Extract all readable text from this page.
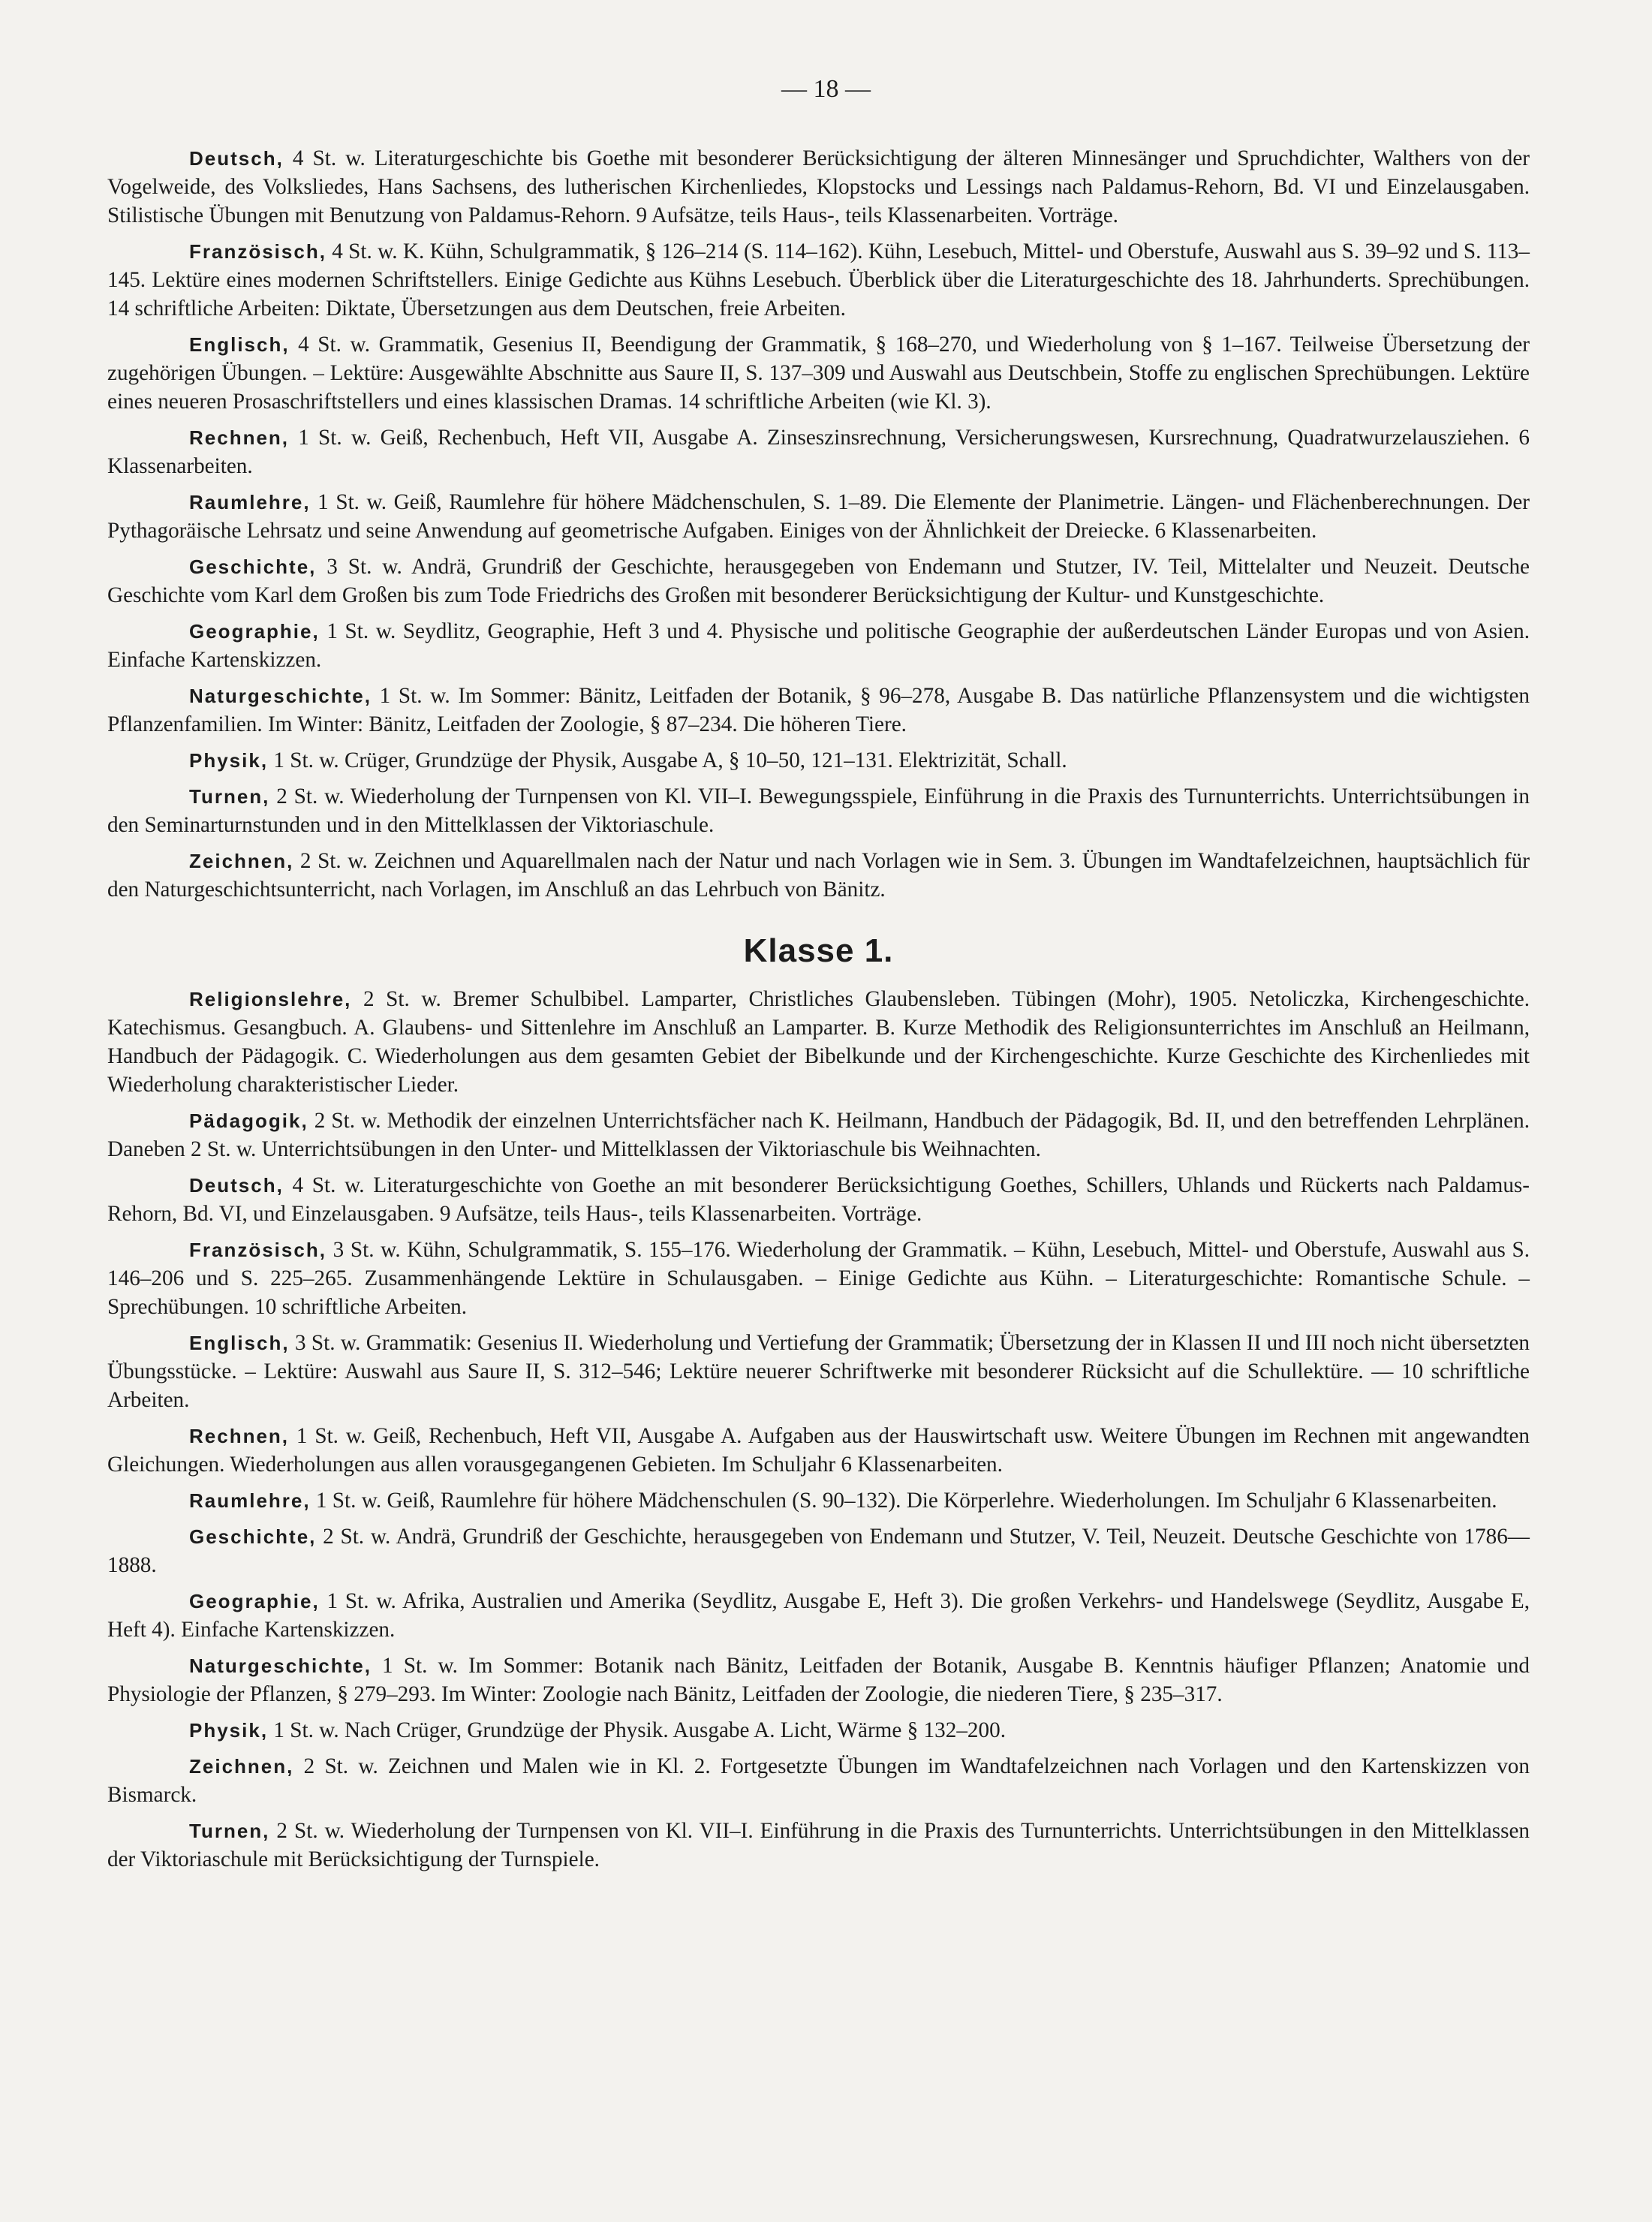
— 18 —

Deutsch, 4 St. w. Literaturgeschichte bis Goethe mit besonderer Berücksichtigung der älteren Minnesänger und Spruchdichter, Walthers von der Vogelweide, des Volksliedes, Hans Sachsens, des lutherischen Kirchenliedes, Klopstocks und Lessings nach Paldamus-Rehorn, Bd. VI und Einzelausgaben. Stilistische Übungen mit Benutzung von Paldamus-Rehorn. 9 Aufsätze, teils Haus-, teils Klassenarbeiten. Vorträge.

Französisch, 4 St. w. K. Kühn, Schulgrammatik, § 126–214 (S. 114–162). Kühn, Lesebuch, Mittel- und Oberstufe, Auswahl aus S. 39–92 und S. 113–145. Lektüre eines modernen Schriftstellers. Einige Gedichte aus Kühns Lesebuch. Überblick über die Literaturgeschichte des 18. Jahrhunderts. Sprechübungen. 14 schriftliche Arbeiten: Diktate, Übersetzungen aus dem Deutschen, freie Arbeiten.

Englisch, 4 St. w. Grammatik, Gesenius II, Beendigung der Grammatik, § 168–270, und Wiederholung von § 1–167. Teilweise Übersetzung der zugehörigen Übungen. – Lektüre: Ausgewählte Abschnitte aus Saure II, S. 137–309 und Auswahl aus Deutschbein, Stoffe zu englischen Sprechübungen. Lektüre eines neueren Prosaschriftstellers und eines klassischen Dramas. 14 schriftliche Arbeiten (wie Kl. 3).

Rechnen, 1 St. w. Geiß, Rechenbuch, Heft VII, Ausgabe A. Zinseszinsrechnung, Versicherungswesen, Kursrechnung, Quadratwurzelausziehen. 6 Klassenarbeiten.

Raumlehre, 1 St. w. Geiß, Raumlehre für höhere Mädchenschulen, S. 1–89. Die Elemente der Planimetrie. Längen- und Flächenberechnungen. Der Pythagoräische Lehrsatz und seine Anwendung auf geometrische Aufgaben. Einiges von der Ähnlichkeit der Dreiecke. 6 Klassenarbeiten.

Geschichte, 3 St. w. Andrä, Grundriß der Geschichte, herausgegeben von Endemann und Stutzer, IV. Teil, Mittelalter und Neuzeit. Deutsche Geschichte vom Karl dem Großen bis zum Tode Friedrichs des Großen mit besonderer Berücksichtigung der Kultur- und Kunstgeschichte.

Geographie, 1 St. w. Seydlitz, Geographie, Heft 3 und 4. Physische und politische Geographie der außerdeutschen Länder Europas und von Asien. Einfache Kartenskizzen.

Naturgeschichte, 1 St. w. Im Sommer: Bänitz, Leitfaden der Botanik, § 96–278, Ausgabe B. Das natürliche Pflanzensystem und die wichtigsten Pflanzenfamilien. Im Winter: Bänitz, Leitfaden der Zoologie, § 87–234. Die höheren Tiere.

Physik, 1 St. w. Crüger, Grundzüge der Physik, Ausgabe A, § 10–50, 121–131. Elektrizität, Schall.

Turnen, 2 St. w. Wiederholung der Turnpensen von Kl. VII–I. Bewegungsspiele, Einführung in die Praxis des Turnunterrichts. Unterrichtsübungen in den Seminarturnstunden und in den Mittelklassen der Viktoriaschule.

Zeichnen, 2 St. w. Zeichnen und Aquarellmalen nach der Natur und nach Vorlagen wie in Sem. 3. Übungen im Wandtafelzeichnen, hauptsächlich für den Naturgeschichtsunterricht, nach Vorlagen, im Anschluß an das Lehrbuch von Bänitz.

Klasse 1.

Religionslehre, 2 St. w. Bremer Schulbibel. Lamparter, Christliches Glaubensleben. Tübingen (Mohr), 1905. Netoliczka, Kirchengeschichte. Katechismus. Gesangbuch. A. Glaubens- und Sittenlehre im Anschluß an Lamparter. B. Kurze Methodik des Religionsunterrichtes im Anschluß an Heilmann, Handbuch der Pädagogik. C. Wiederholungen aus dem gesamten Gebiet der Bibelkunde und der Kirchengeschichte. Kurze Geschichte des Kirchenliedes mit Wiederholung charakteristischer Lieder.

Pädagogik, 2 St. w. Methodik der einzelnen Unterrichtsfächer nach K. Heilmann, Handbuch der Pädagogik, Bd. II, und den betreffenden Lehrplänen. Daneben 2 St. w. Unterrichtsübungen in den Unter- und Mittelklassen der Viktoriaschule bis Weihnachten.

Deutsch, 4 St. w. Literaturgeschichte von Goethe an mit besonderer Berücksichtigung Goethes, Schillers, Uhlands und Rückerts nach Paldamus-Rehorn, Bd. VI, und Einzelausgaben. 9 Aufsätze, teils Haus-, teils Klassenarbeiten. Vorträge.

Französisch, 3 St. w. Kühn, Schulgrammatik, S. 155–176. Wiederholung der Grammatik. – Kühn, Lesebuch, Mittel- und Oberstufe, Auswahl aus S. 146–206 und S. 225–265. Zusammenhängende Lektüre in Schulausgaben. – Einige Gedichte aus Kühn. – Literaturgeschichte: Romantische Schule. – Sprechübungen. 10 schriftliche Arbeiten.

Englisch, 3 St. w. Grammatik: Gesenius II. Wiederholung und Vertiefung der Grammatik; Übersetzung der in Klassen II und III noch nicht übersetzten Übungsstücke. – Lektüre: Auswahl aus Saure II, S. 312–546; Lektüre neuerer Schriftwerke mit besonderer Rücksicht auf die Schullektüre. — 10 schriftliche Arbeiten.

Rechnen, 1 St. w. Geiß, Rechenbuch, Heft VII, Ausgabe A. Aufgaben aus der Hauswirtschaft usw. Weitere Übungen im Rechnen mit angewandten Gleichungen. Wiederholungen aus allen vorausgegangenen Gebieten. Im Schuljahr 6 Klassenarbeiten.

Raumlehre, 1 St. w. Geiß, Raumlehre für höhere Mädchenschulen (S. 90–132). Die Körperlehre. Wiederholungen. Im Schuljahr 6 Klassenarbeiten.

Geschichte, 2 St. w. Andrä, Grundriß der Geschichte, herausgegeben von Endemann und Stutzer, V. Teil, Neuzeit. Deutsche Geschichte von 1786—1888.

Geographie, 1 St. w. Afrika, Australien und Amerika (Seydlitz, Ausgabe E, Heft 3). Die großen Verkehrs- und Handelswege (Seydlitz, Ausgabe E, Heft 4). Einfache Kartenskizzen.

Naturgeschichte, 1 St. w. Im Sommer: Botanik nach Bänitz, Leitfaden der Botanik, Ausgabe B. Kenntnis häufiger Pflanzen; Anatomie und Physiologie der Pflanzen, § 279–293. Im Winter: Zoologie nach Bänitz, Leitfaden der Zoologie, die niederen Tiere, § 235–317.

Physik, 1 St. w. Nach Crüger, Grundzüge der Physik. Ausgabe A. Licht, Wärme § 132–200.

Zeichnen, 2 St. w. Zeichnen und Malen wie in Kl. 2. Fortgesetzte Übungen im Wandtafelzeichnen nach Vorlagen und den Kartenskizzen von Bismarck.

Turnen, 2 St. w. Wiederholung der Turnpensen von Kl. VII–I. Einführung in die Praxis des Turnunterrichts. Unterrichtsübungen in den Mittelklassen der Viktoriaschule mit Berücksichtigung der Turnspiele.
